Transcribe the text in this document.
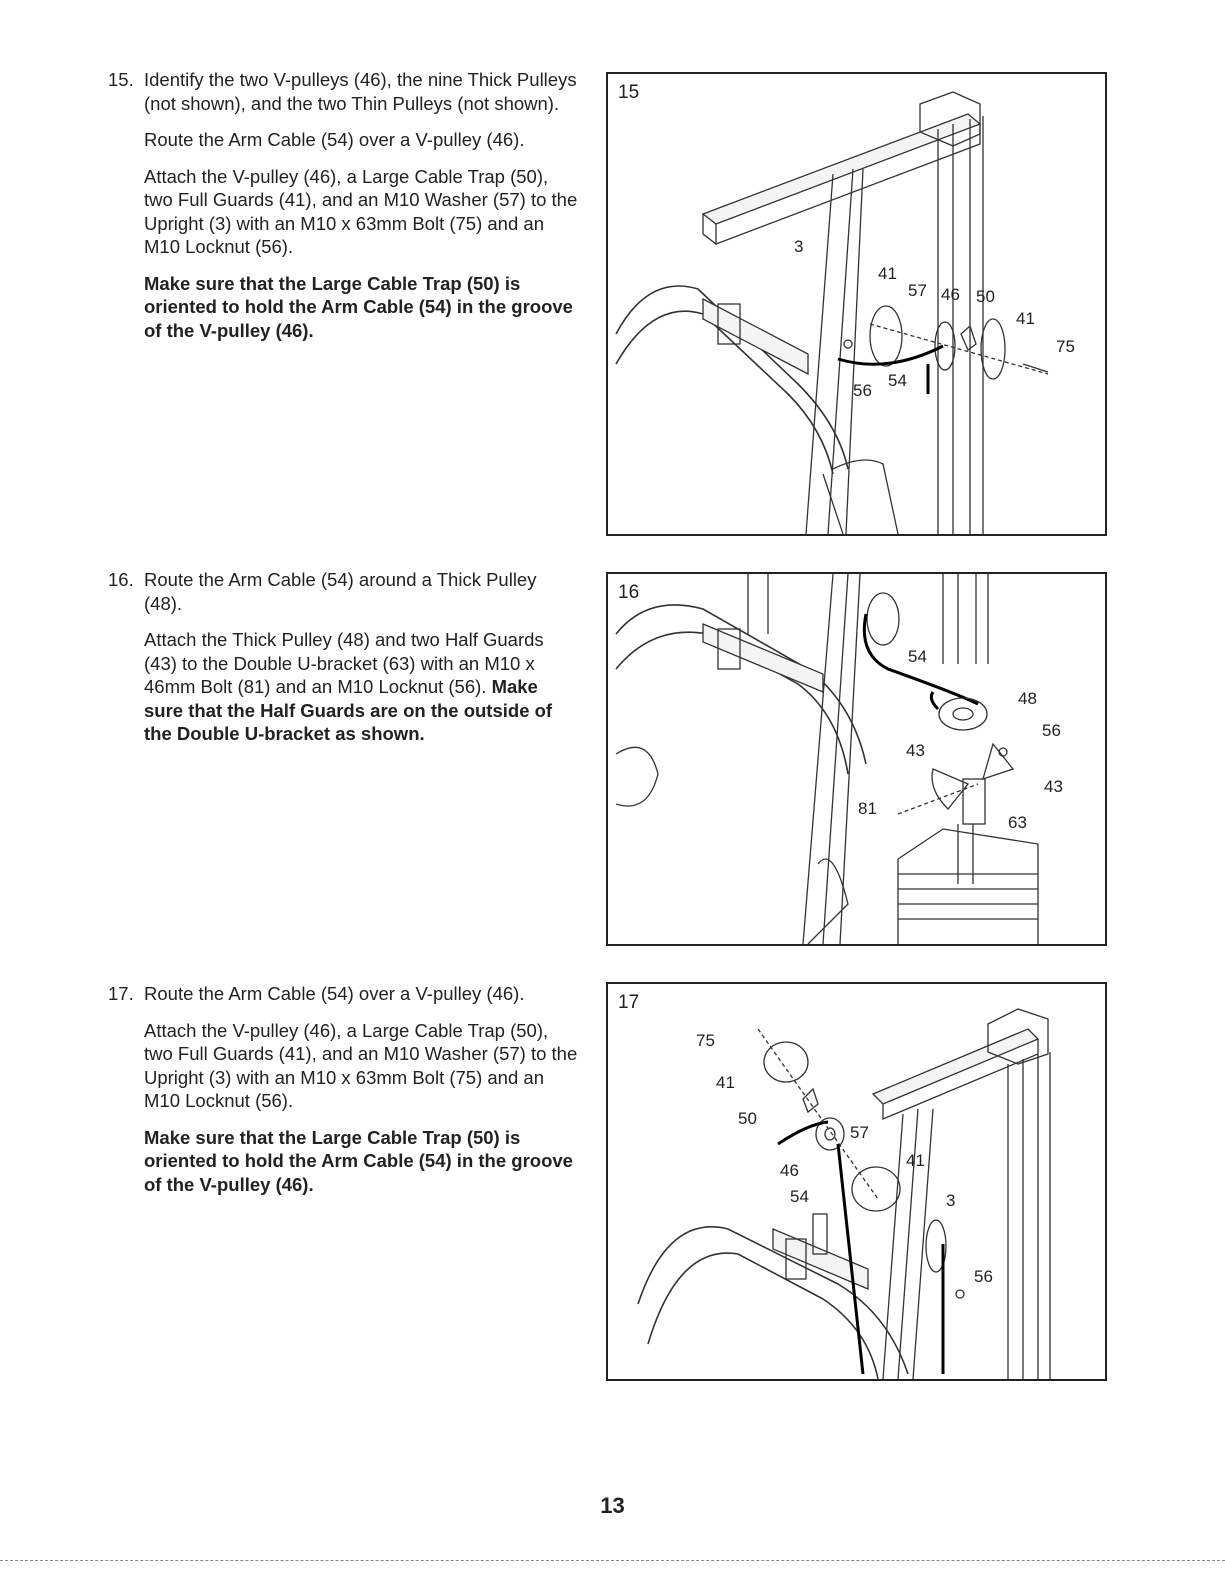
15. Identify the two V-pulleys (46), the nine Thick Pulleys (not shown), and the two Thin Pulleys (not shown).

Route the Arm Cable (54) over a V-pulley (46).

Attach the V-pulley (46), a Large Cable Trap (50), two Full Guards (41), and an M10 Washer (57) to the Upright (3) with an M10 x 63mm Bolt (75) and an M10 Locknut (56).

Make sure that the Large Cable Trap (50) is oriented to hold the Arm Cable (54) in the groove of the V-pulley (46).

16. Route the Arm Cable (54) around a Thick Pulley (48).

Attach the Thick Pulley (48) and two Half Guards (43) to the Double U-bracket (63) with an M10 x 46mm Bolt (81) and an M10 Locknut (56). Make sure that the Half Guards are on the outside of the Double U-bracket as shown.

17. Route the Arm Cable (54) over a V-pulley (46).

Attach the V-pulley (46), a Large Cable Trap (50), two Full Guards (41), and an M10 Washer (57) to the Upright (3) with an M10 x 63mm Bolt (75) and an M10 Locknut (56).

Make sure that the Large Cable Trap (50) is oriented to hold the Arm Cable (54) in the groove of the V-pulley (46).

15
3
41
57 46 50
41
75
56
54
16
54
48
56
43
43
81
63
17
75
41
50
57
46
41
54	3
56
13
